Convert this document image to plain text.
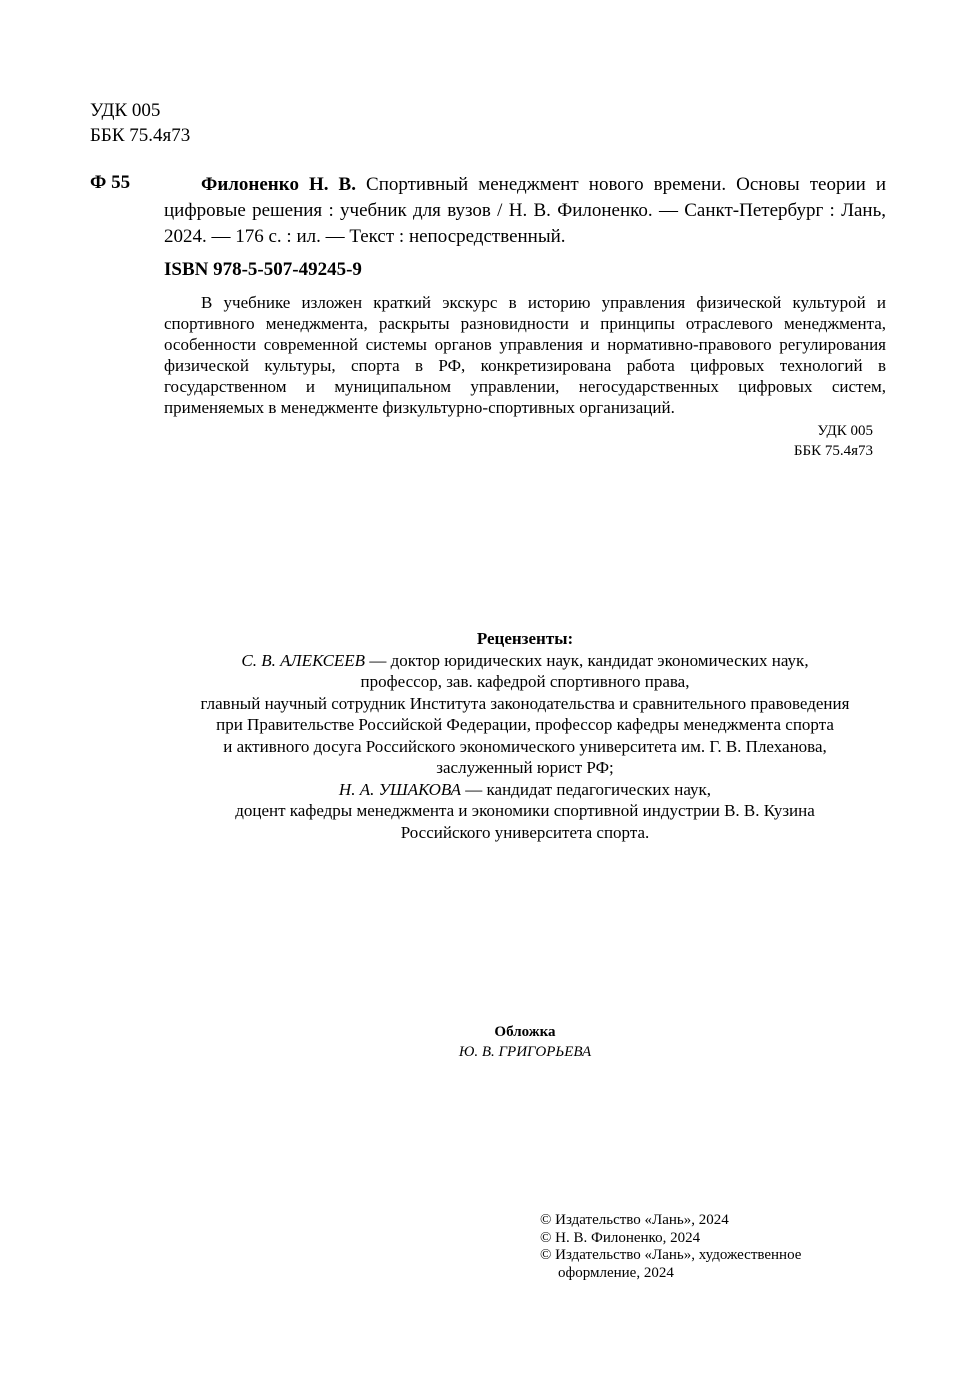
УДК 005
ББК 75.4я73
Ф 55	Филоненко Н. В. Спортивный менеджмент нового времени. Основы теории и цифровые решения : учебник для вузов / Н. В. Филоненко. — Санкт-Петербург : Лань, 2024. — 176 с. : ил. — Текст : непосредственный.
ISBN 978-5-507-49245-9
В учебнике изложен краткий экскурс в историю управления физической культурой и спортивного менеджмента, раскрыты разновидности и принципы отраслевого менеджмента, особенности современной системы органов управления и нормативно-правового регулирования физической культуры, спорта в РФ, конкретизирована работа цифровых технологий в государственном и муниципальном управлении, негосударственных цифровых систем, применяемых в менеджменте физкультурно-спортивных организаций.
УДК 005
ББК 75.4я73
Рецензенты:
С. В. АЛЕКСЕЕВ — доктор юридических наук, кандидат экономических наук,
профессор, зав. кафедрой спортивного права,
главный научный сотрудник Института законодательства и сравнительного правоведения
при Правительстве Российской Федерации, профессор кафедры менеджмента спорта
и активного досуга Российского экономического университета им. Г. В. Плеханова,
заслуженный юрист РФ;
Н. А. УШАКОВА — кандидат педагогических наук,
доцент кафедры менеджмента и экономики спортивной индустрии В. В. Кузина
Российского университета спорта.
Обложка
Ю. В. ГРИГОРЬЕВА
© Издательство «Лань», 2024
© Н. В. Филоненко, 2024
© Издательство «Лань», художественное
оформление, 2024
